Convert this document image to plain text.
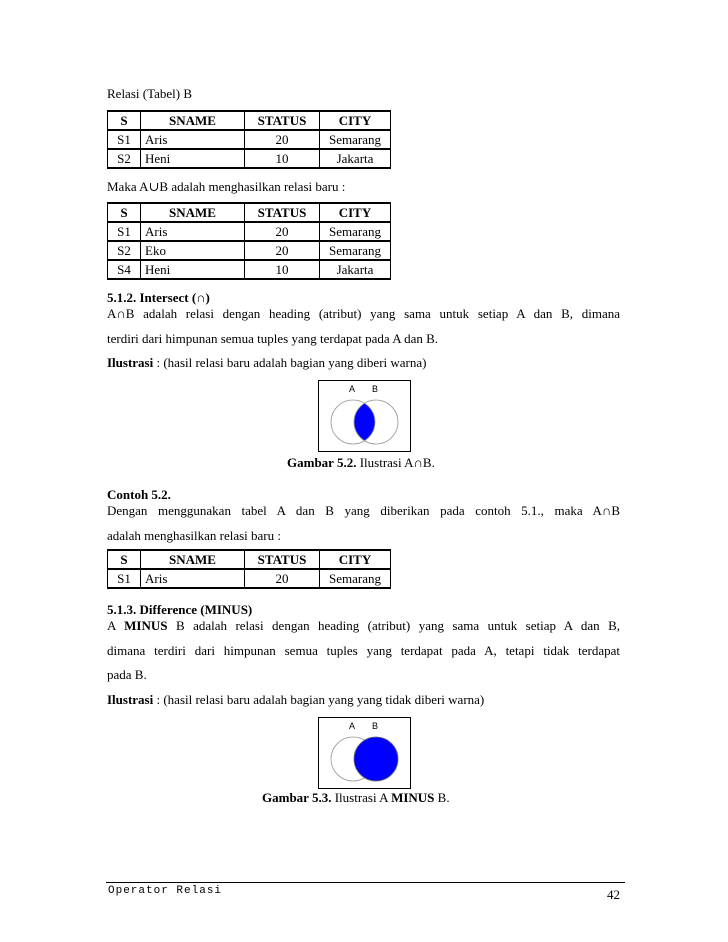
Relasi (Tabel) B
S	SNAME	STATUS	CITY
S1	Aris	20	Semarang
S2	Heni	10	Jakarta
Maka A∪B adalah menghasilkan relasi baru :
S	SNAME	STATUS	CITY
S1	Aris	20	Semarang
S2	Eko	20	Semarang
S4	Heni	10	Jakarta
5.1.2. Intersect (∩)
A∩B adalah relasi dengan heading (atribut) yang sama untuk setiap A dan B, dimana
terdiri dari himpunan semua tuples yang terdapat pada A dan B.
Ilustrasi : (hasil relasi baru adalah bagian yang diberi warna)
A B
Gambar 5.2. Ilustrasi A∩B.
Contoh 5.2.
Dengan menggunakan tabel A dan B yang diberikan pada contoh 5.1., maka A∩B
adalah menghasilkan relasi baru :
S	SNAME	STATUS	CITY
S1	Aris	20	Semarang
5.1.3. Difference (MINUS)
A MINUS B adalah relasi dengan heading (atribut) yang sama untuk setiap A dan B,
dimana terdiri dari himpunan semua tuples yang terdapat pada A, tetapi tidak terdapat
pada B.
Ilustrasi : (hasil relasi baru adalah bagian yang yang tidak diberi warna)
A B
Gambar 5.3. Ilustrasi A MINUS B.
Operator Relasi	42
